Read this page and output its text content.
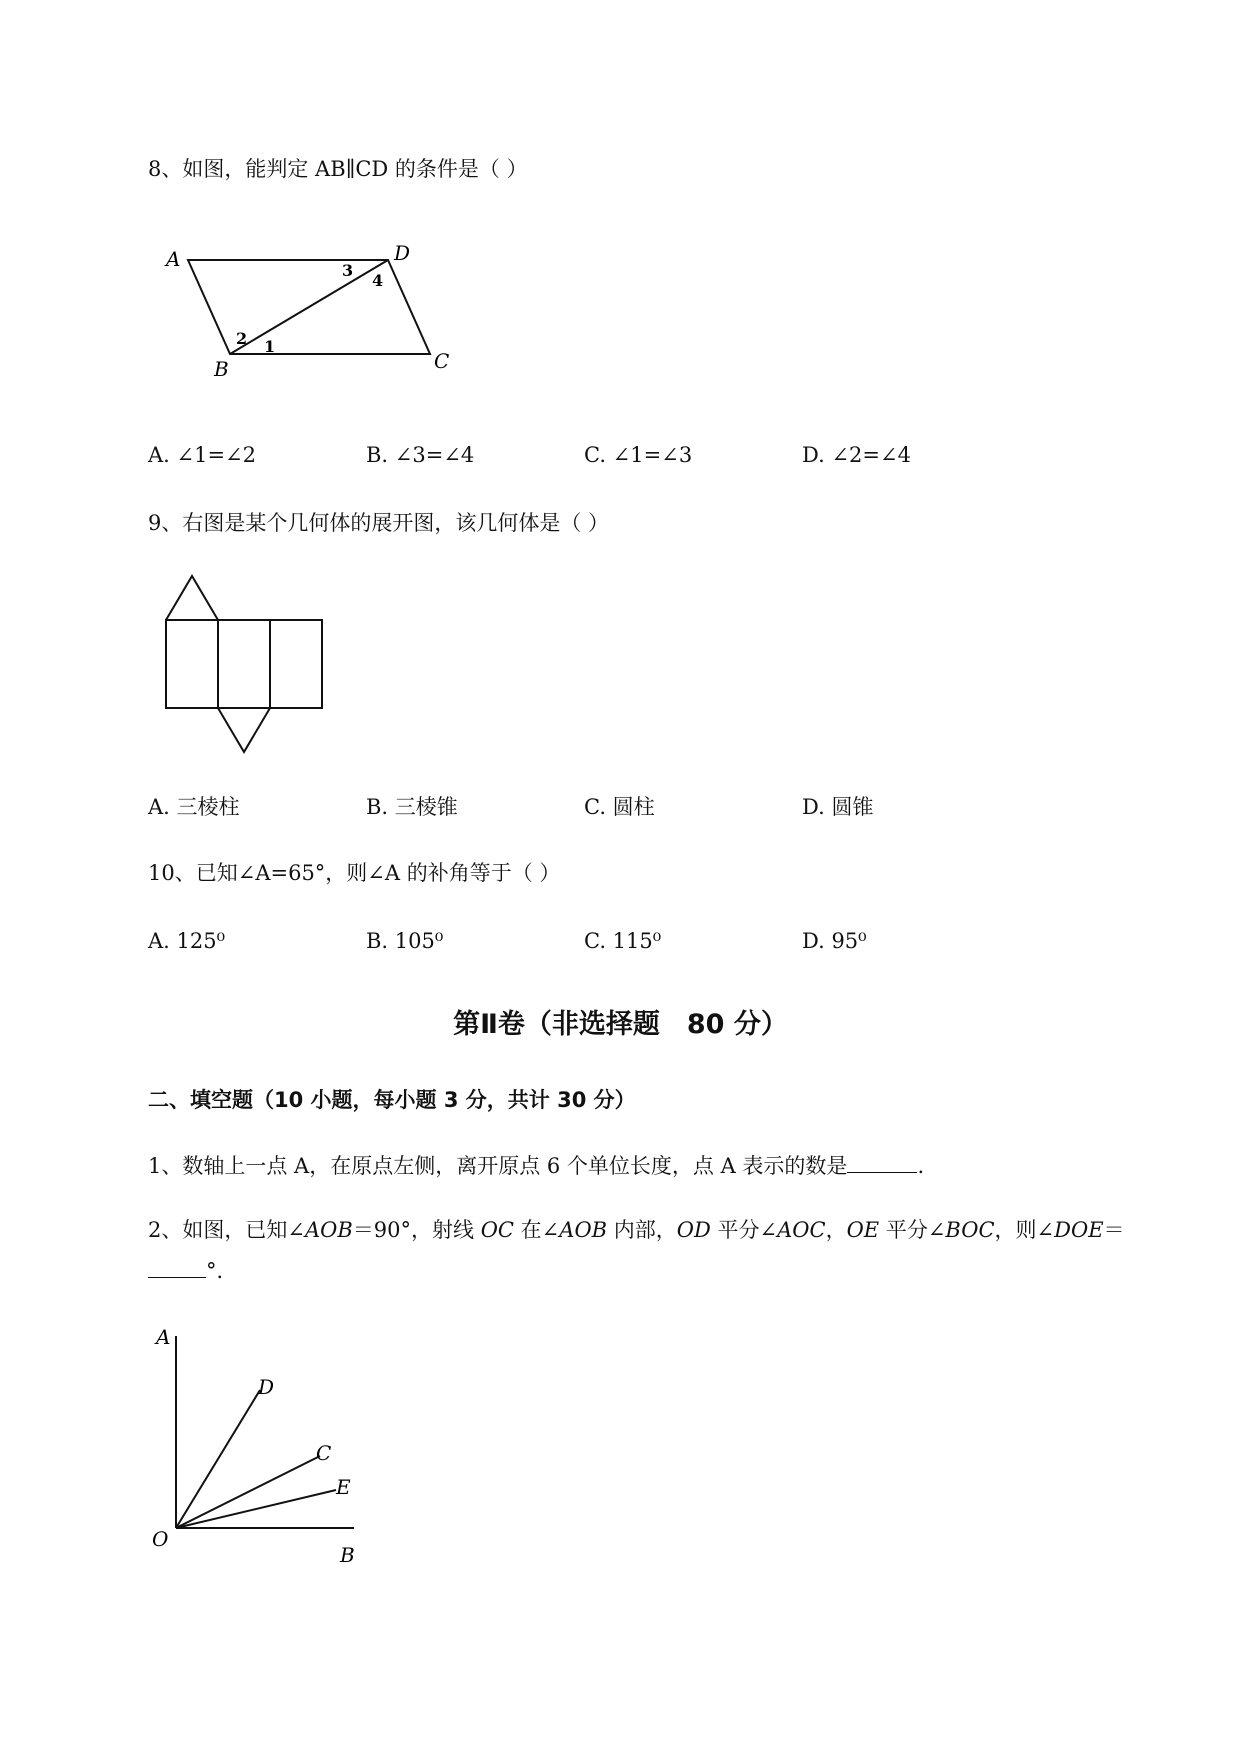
8、如图，能判定 AB∥CD 的条件是（ ）
A	D
B	C
1
2
3
4
A. ∠1=∠2	B. ∠3=∠4	C. ∠1=∠3	D. ∠2=∠4
9、右图是某个几何体的展开图，该几何体是（ ）
A. 三棱柱	B. 三棱锥	C. 圆柱	D. 圆锥
10、已知∠A=65°，则∠A 的补角等于（ ）
A. 125⁰	B. 105⁰	C. 115⁰	D. 95⁰
第Ⅱ卷（非选择题　80 分）
二、填空题（10 小题，每小题 3 分，共计 30 分）
1、数轴上一点 A，在原点左侧，离开原点 6 个单位长度，点 A 表示的数是	.
2、如图，已知∠AOB＝90°，射线 OC 在∠AOB 内部，OD 平分∠AOC，OE 平分∠BOC，则∠DOE＝
°．
A
D
C
E
O
B
